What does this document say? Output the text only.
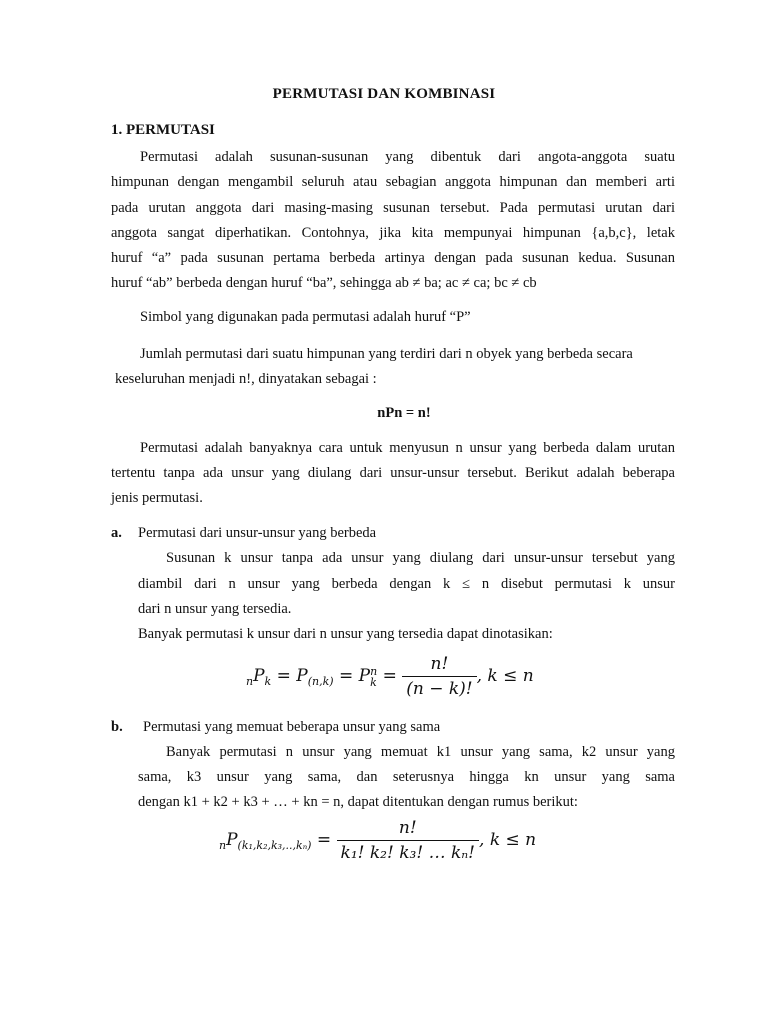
PERMUTASI DAN KOMBINASI
1. PERMUTASI
Permutasi adalah susunan-susunan yang dibentuk dari angota-anggota suatu
himpunan dengan mengambil seluruh atau sebagian anggota himpunan dan memberi arti
pada urutan anggota dari masing-masing susunan tersebut. Pada permutasi urutan dari
anggota sangat diperhatikan. Contohnya, jika kita mempunyai himpunan {a,b,c}, letak
huruf “a” pada susunan pertama berbeda artinya dengan pada susunan kedua. Susunan
huruf “ab” berbeda dengan huruf “ba”, sehingga ab ≠ ba; ac ≠ ca; bc ≠ cb
Simbol yang digunakan pada permutasi adalah huruf “P”
Jumlah permutasi dari suatu himpunan yang terdiri dari n obyek yang berbeda secara
keseluruhan menjadi n!, dinyatakan sebagai :
nPn = n!
Permutasi adalah banyaknya cara untuk menyusun n unsur yang berbeda dalam urutan
tertentu tanpa ada unsur yang diulang dari unsur-unsur tersebut. Berikut adalah beberapa
jenis permutasi.
a. Permutasi dari unsur-unsur yang berbeda
Susunan k unsur tanpa ada unsur yang diulang dari unsur-unsur tersebut yang
diambil dari n unsur yang berbeda dengan k ≤ n disebut permutasi k unsur
dari n unsur yang tersedia.
Banyak permutasi k unsur dari n unsur yang tersedia dapat dinotasikan:
$_nP_k = P_{(n,k)} = P$ n
$k = \frac{n!}{(n - k)!}$ , k ≤ n
b. Permutasi yang memuat beberapa unsur yang sama
Banyak permutasi n unsur yang memuat k1 unsur yang sama, k2 unsur yang
sama, k3 unsur yang sama, dan seterusnya hingga kn unsur yang sama
dengan k1 + k2 + k3 + … + kn = n, dapat ditentukan dengan rumus berikut:
$_nP_{(k_1,k_2,k_3,..,k_n)} = \frac{n!}{\text{k₁! k₂! k₃! … kₙ!}}$ , k ≤ n
